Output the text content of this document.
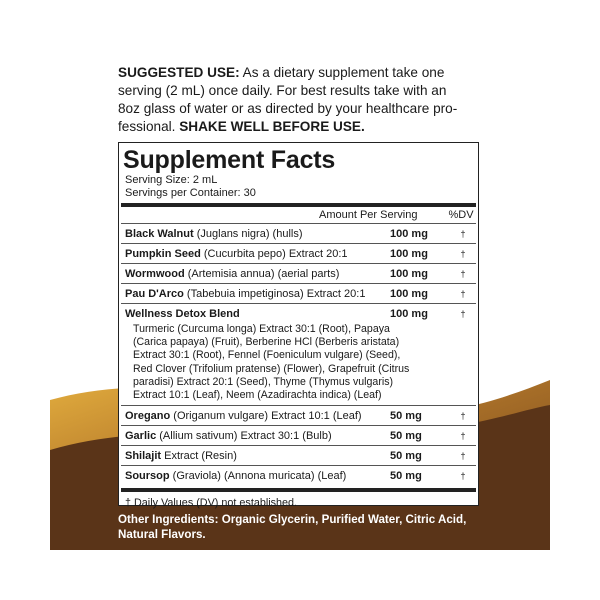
SUGGESTED USE: As a dietary supplement take one
serving (2 mL) once daily. For best results take with an
8oz glass of water or as directed by your healthcare pro-
fessional. SHAKE WELL BEFORE USE.
Supplement Facts
Serving Size: 2 mL
Servings per Container: 30
Amount Per Serving	%DV
Black Walnut (Juglans nigra) (hulls)	100 mg	†
Pumpkin Seed (Cucurbita pepo) Extract 20:1	100 mg	†
Wormwood (Artemisia annua) (aerial parts)	100 mg	†
Pau D'Arco (Tabebuia impetiginosa) Extract 20:1	100 mg	†
Wellness Detox Blend	100 mg	†
Turmeric (Curcuma longa) Extract 30:1 (Root), Papaya
(Carica papaya) (Fruit), Berberine HCl (Berberis aristata)
Extract 30:1 (Root), Fennel (Foeniculum vulgare) (Seed),
Red Clover (Trifolium pratense) (Flower), Grapefruit (Citrus
paradisi) Extract 20:1 (Seed), Thyme (Thymus vulgaris)
Extract 10:1 (Leaf), Neem (Azadirachta indica) (Leaf)
Oregano (Origanum vulgare) Extract 10:1 (Leaf)	50 mg	†
Garlic (Allium sativum) Extract 30:1 (Bulb)	50 mg	†
Shilajit Extract (Resin)	50 mg	†
Soursop (Graviola) (Annona muricata) (Leaf)	50 mg	†
† Daily Values (DV) not established.
Other Ingredients: Organic Glycerin, Purified Water, Citric Acid,
Natural Flavors.
